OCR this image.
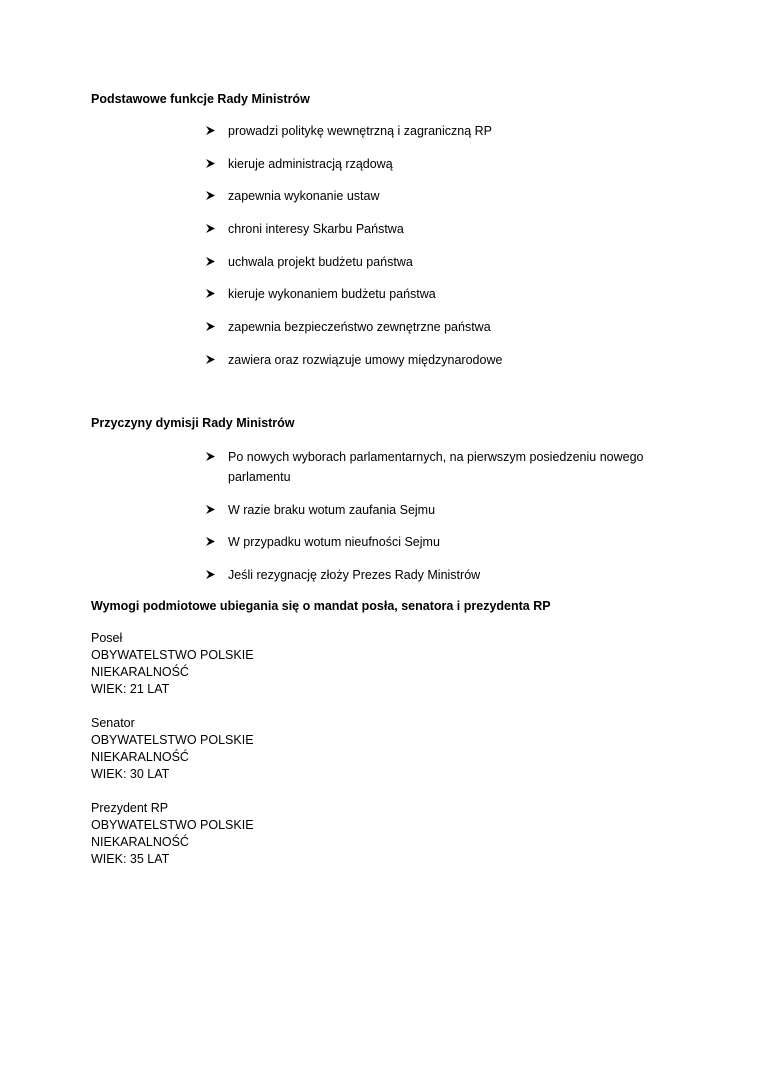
Podstawowe funkcje Rady Ministrów
prowadzi politykę wewnętrzną i zagraniczną RP
kieruje administracją rządową
zapewnia wykonanie ustaw
chroni interesy Skarbu Państwa
uchwala projekt budżetu państwa
kieruje wykonaniem budżetu państwa
zapewnia bezpieczeństwo zewnętrzne państwa
zawiera oraz rozwiązuje umowy międzynarodowe
Przyczyny dymisji Rady Ministrów
Po nowych wyborach parlamentarnych, na pierwszym posiedzeniu nowego parlamentu
W razie braku wotum zaufania Sejmu
W przypadku wotum nieufności Sejmu
Jeśli rezygnację złoży Prezes Rady Ministrów
Wymogi podmiotowe ubiegania się o mandat posła, senatora i prezydenta RP
Poseł
OBYWATELSTWO POLSKIE
NIEKARALNOŚĆ
WIEK: 21 LAT
Senator
OBYWATELSTWO POLSKIE
NIEKARALNOŚĆ
WIEK: 30 LAT
Prezydent RP
OBYWATELSTWO POLSKIE
NIEKARALNOŚĆ
WIEK: 35 LAT
